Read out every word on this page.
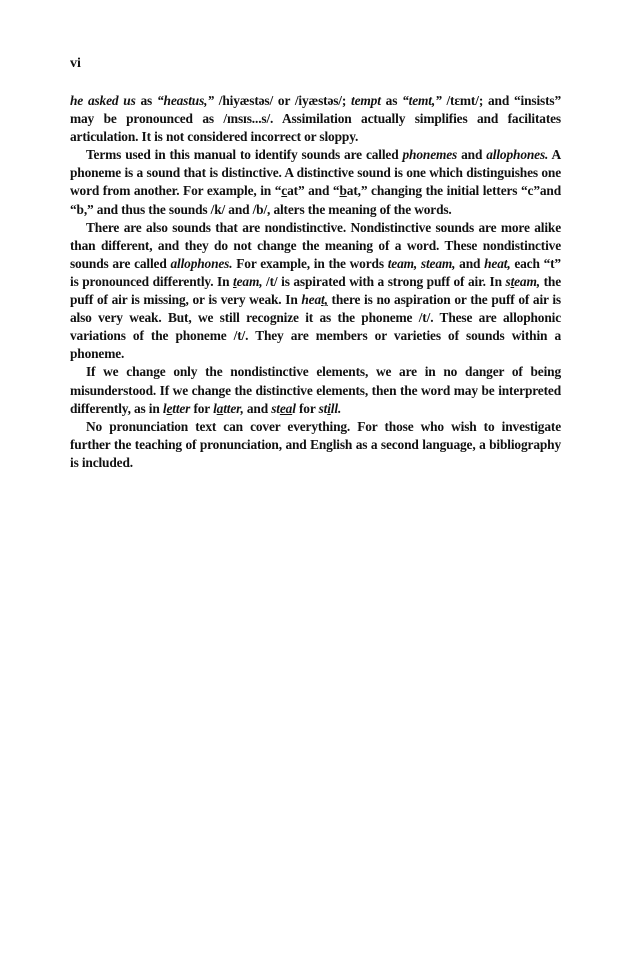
vi

he asked us as “heastus,” /hiyæstəs/ or /iyæstəs/; tempt as “temt,” /tɛmt/; and “insists” may be pronounced as /ɪnsɪs...s/. Assimilation actually simplifies and facilitates articulation. It is not considered incorrect or sloppy.

Terms used in this manual to identify sounds are called phonemes and allophones. A phoneme is a sound that is distinctive. A distinctive sound is one which distinguishes one word from another. For example, in “cat” and “bat,” changing the initial letters “c”and “b,” and thus the sounds /k/ and /b/, alters the meaning of the words.

There are also sounds that are nondistinctive. Nondistinctive sounds are more alike than different, and they do not change the meaning of a word. These nondistinctive sounds are called allophones. For example, in the words team, steam, and heat, each “t” is pronounced differently. In team, /t/ is aspirated with a strong puff of air. In steam, the puff of air is missing, or is very weak. In heat, there is no aspiration or the puff of air is also very weak. But, we still recognize it as the phoneme /t/. These are allophonic variations of the phoneme /t/. They are members or varieties of sounds within a phoneme.

If we change only the nondistinctive elements, we are in no danger of being misunderstood. If we change the distinctive elements, then the word may be interpreted differently, as in letter for latter, and steal for still.

No pronunciation text can cover everything. For those who wish to investigate further the teaching of pronunciation, and English as a second language, a bibliography is included.
